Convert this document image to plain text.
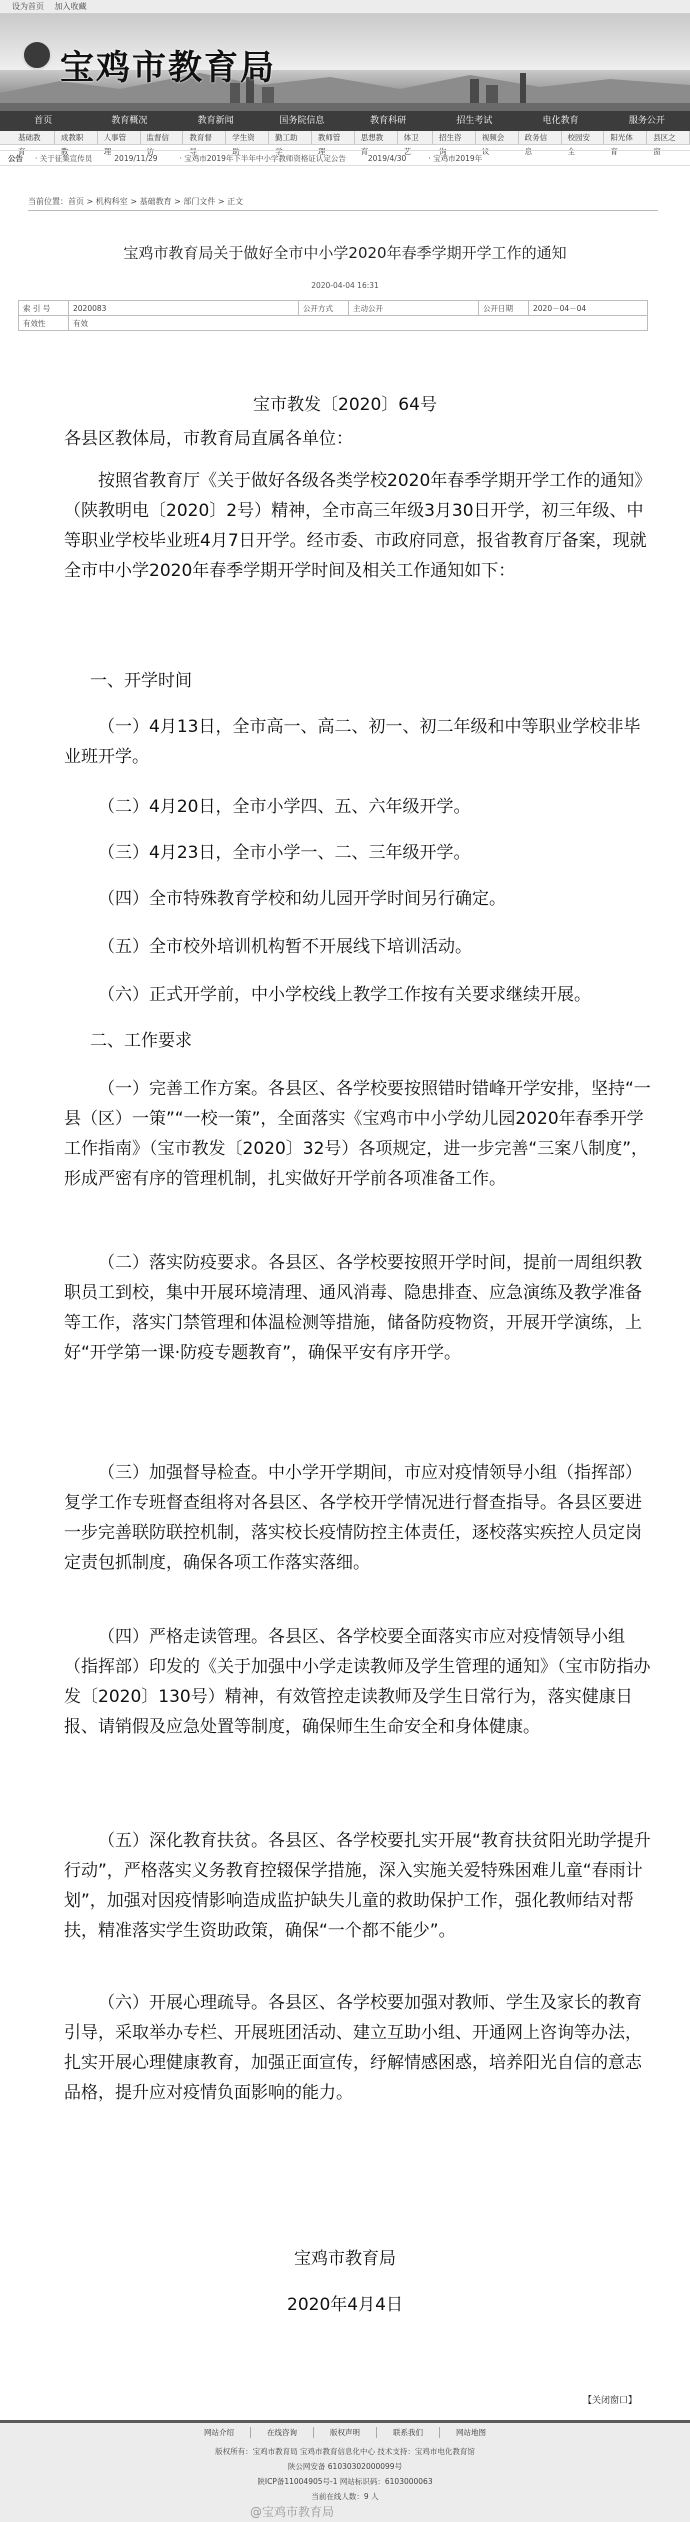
设为首页 加入收藏
宝鸡市教育局
首页	教育概况	教育新闻	国务院信息	教育科研	招生考试	电化教育	服务公开
基础教育
成教职教
人事管理
监督信访
教育督导
学生资助
勤工助学
教师管理
思想教育
体卫艺
招生咨询
视频会议
政务信息
校园安全
阳光体育
县区之窗
公告 · 关于征集宣传员	2019/11/29	· 宝鸡市2019年下半年中小学教师资格证认定公告	2019/4/30	· 宝鸡市2019年
当前位置：首页 > 机构科室 > 基础教育 > 部门文件 > 正文
宝鸡市教育局关于做好全市中小学2020年春季学期开学工作的通知
2020-04-04 16:31
索 引 号	2020083	公开方式	主动公开	公开日期	2020－04－04
有效性	有效				

宝市教发〔2020〕64号

各县区教体局，市教育局直属各单位：

按照省教育厅《关于做好各级各类学校2020年春季学期开学工作的通知》（陕教明电〔2020〕2号）精神，全市高三年级3月30日开学，初三年级、中等职业学校毕业班4月7日开学。经市委、市政府同意，报省教育厅备案，现就全市中小学2020年春季学期开学时间及相关工作通知如下：

一、开学时间

（一）4月13日，全市高一、高二、初一、初二年级和中等职业学校非毕业班开学。

（二）4月20日，全市小学四、五、六年级开学。

（三）4月23日，全市小学一、二、三年级开学。

（四）全市特殊教育学校和幼儿园开学时间另行确定。

（五）全市校外培训机构暂不开展线下培训活动。

（六）正式开学前，中小学校线上教学工作按有关要求继续开展。

二、工作要求

（一）完善工作方案。各县区、各学校要按照错时错峰开学安排，坚持“一县（区）一策”“一校一策”，全面落实《宝鸡市中小学幼儿园2020年春季开学工作指南》（宝市教发〔2020〕32号）各项规定，进一步完善“三案八制度”，形成严密有序的管理机制，扎实做好开学前各项准备工作。

（二）落实防疫要求。各县区、各学校要按照开学时间，提前一周组织教职员工到校，集中开展环境清理、通风消毒、隐患排查、应急演练及教学准备等工作，落实门禁管理和体温检测等措施，储备防疫物资，开展开学演练，上好“开学第一课·防疫专题教育”，确保平安有序开学。

（三）加强督导检查。中小学开学期间，市应对疫情领导小组（指挥部）复学工作专班督查组将对各县区、各学校开学情况进行督查指导。各县区要进一步完善联防联控机制，落实校长疫情防控主体责任，逐校落实疾控人员定岗定责包抓制度，确保各项工作落实落细。

（四）严格走读管理。各县区、各学校要全面落实市应对疫情领导小组（指挥部）印发的《关于加强中小学走读教师及学生管理的通知》（宝市防指办发〔2020〕130号）精神，有效管控走读教师及学生日常行为，落实健康日报、请销假及应急处置等制度，确保师生生命安全和身体健康。

（五）深化教育扶贫。各县区、各学校要扎实开展“教育扶贫阳光助学提升行动”，严格落实义务教育控辍保学措施，深入实施关爱特殊困难儿童“春雨计划”，加强对因疫情影响造成监护缺失儿童的救助保护工作，强化教师结对帮扶，精准落实学生资助政策，确保“一个都不能少”。

（六）开展心理疏导。各县区、各学校要加强对教师、学生及家长的教育引导，采取举办专栏、开展班团活动、建立互助小组、开通网上咨询等办法，扎实开展心理健康教育，加强正面宣传，纾解情感困惑，培养阳光自信的意志品格，提升应对疫情负面影响的能力。

宝鸡市教育局

2020年4月4日

【关闭窗口】
网站介绍	在线咨询	版权声明	联系我们	网站地图
版权所有：宝鸡市教育局 宝鸡市教育信息化中心 技术支持：宝鸡市电化教育馆
陕公网安备 61030302000099号
陕ICP备11004905号-1 网站标识码：6103000063
当前在线人数：9 人
@宝鸡市教育局
